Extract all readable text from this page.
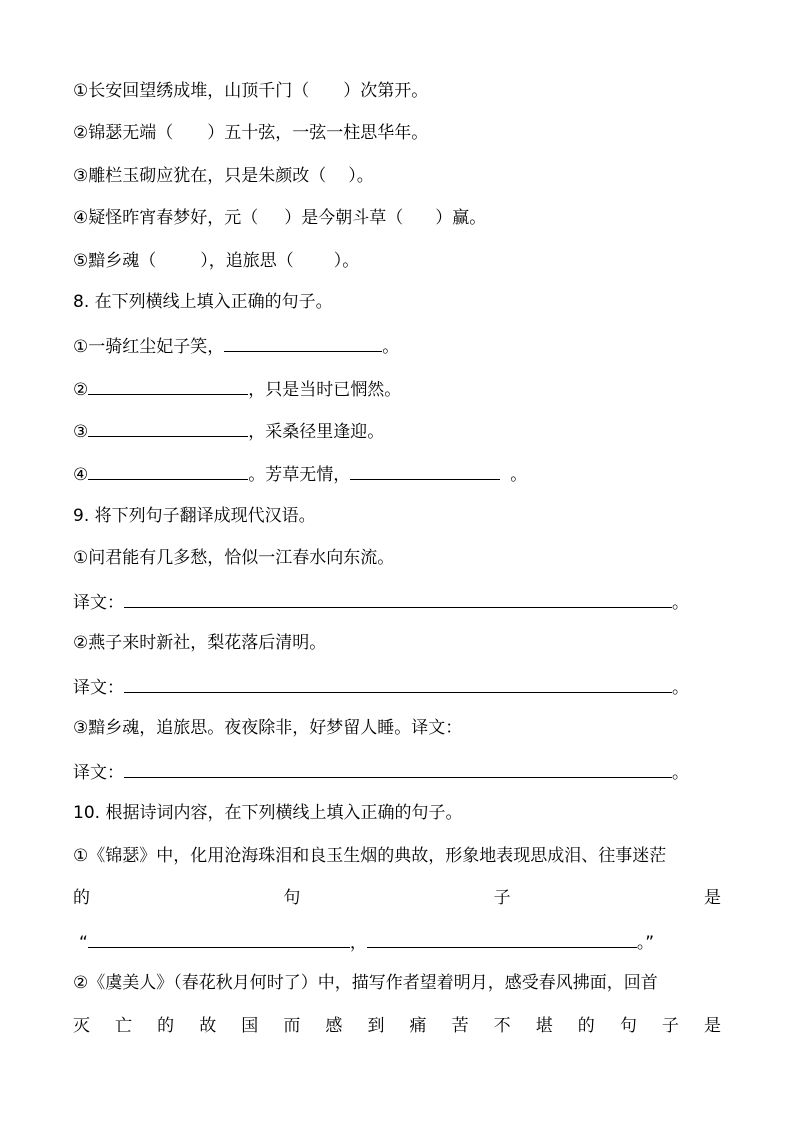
①长安回望绣成堆，山顶千门（ ）次第开。
②锦瑟无端（ ）五十弦，一弦一柱思华年。
③雕栏玉砌应犹在，只是朱颜改（ ）。
④疑怪昨宵春梦好，元（ ）是今朝斗草（ ）赢。
⑤黯乡魂（	），追旅思（ ）。
8. 在下列横线上填入正确的句子。
①一骑红尘妃子笑，	。
②	，只是当时已惘然。
③	，采桑径里逢迎。
④	。芳草无情，	。
9. 将下列句子翻译成现代汉语。
①问君能有几多愁，恰似一江春水向东流。
译文：	。
②燕子来时新社，梨花落后清明。
译文：	。
③黯乡魂，追旅思。夜夜除非，好梦留人睡。译文：
译文：	。
10. 根据诗词内容，在下列横线上填入正确的句子。
①《锦瑟》中，化用沧海珠泪和良玉生烟的典故，形象地表现思成泪、往事迷茫
的	句	子	是
“	，	。”
②《虞美人》（春花秋月何时了）中，描写作者望着明月，感受春风拂面，回首
灭 亡 的 故 国 而 感 到 痛 苦 不 堪 的 句 子 是
